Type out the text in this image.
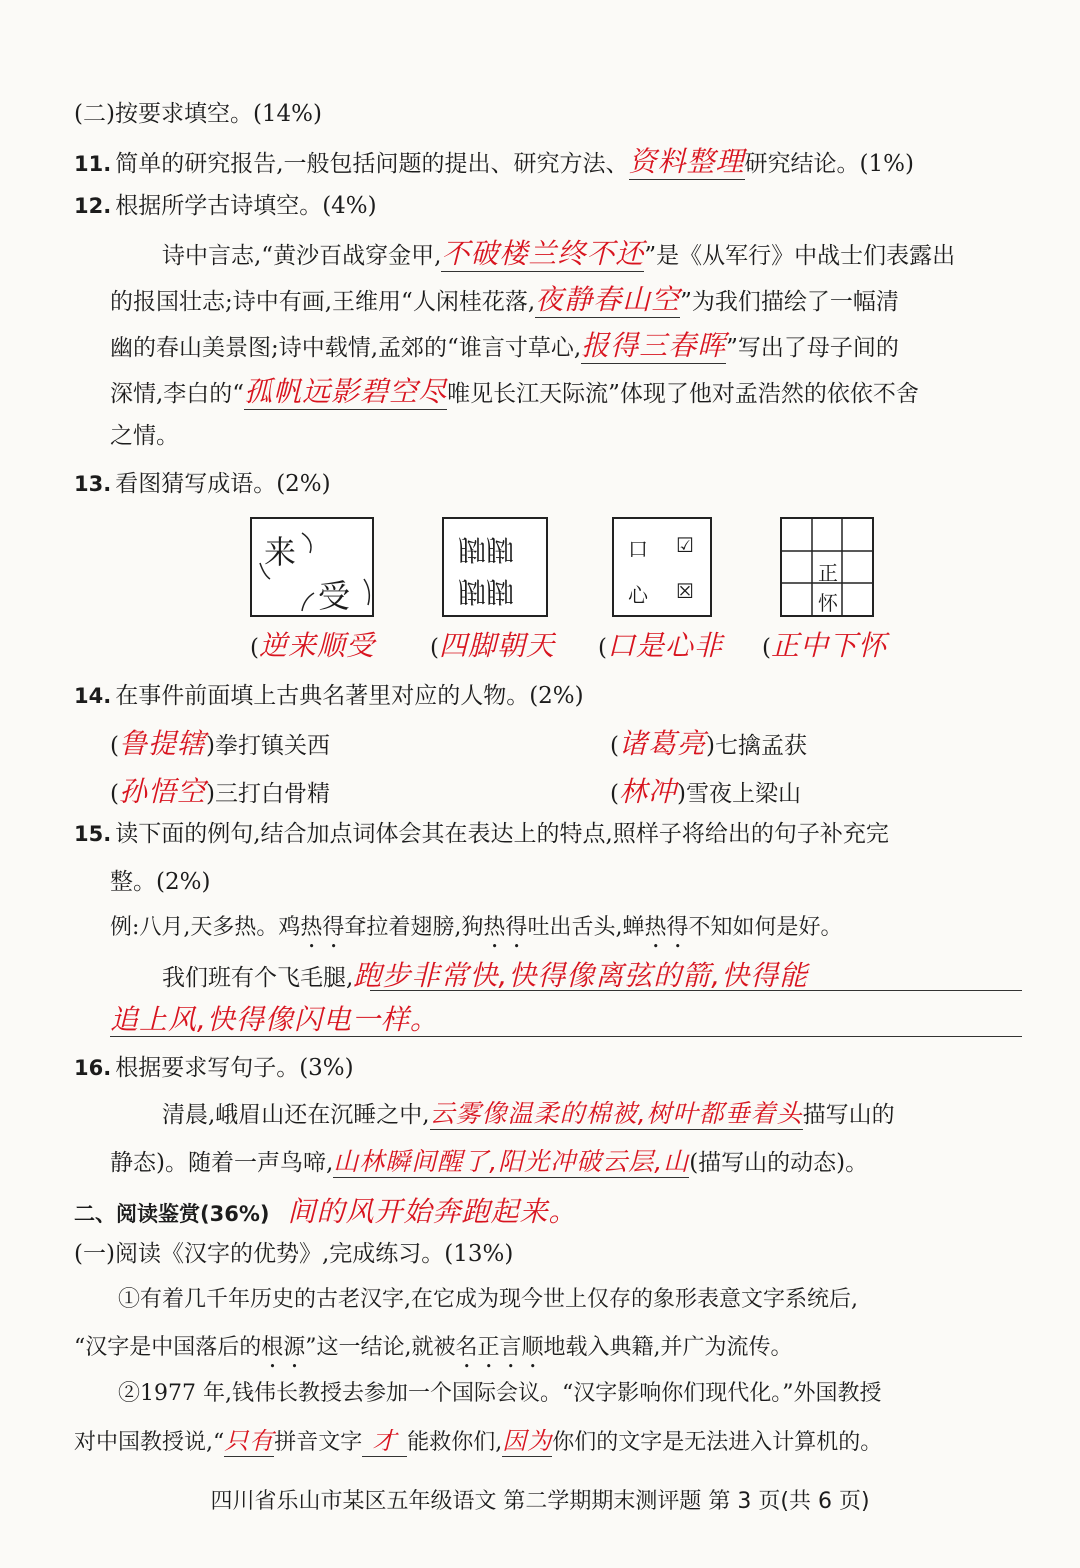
(二)按要求填空。(14%)
11. 简单的研究报告,一般包括问题的提出、研究方法、资料整理研究结论。(1%)
12. 根据所学古诗填空。(4%)
诗中言志,“黄沙百战穿金甲,不破楼兰终不还”是《从军行》中战士们表露出
的报国壮志;诗中有画,王维用“人闲桂花落,夜静春山空”为我们描绘了一幅清
幽的春山美景图;诗中载情,孟郊的“谁言寸草心,报得三春晖”写出了母子间的
深情,李白的“孤帆远影碧空尽唯见长江天际流”体现了他对孟浩然的依依不舍
之情。
13. 看图猜写成语。(2%)
来
受
脚脚
脚脚
口 ☑
心 ☒
正
怀
(逆来顺受 (四脚朝天 (口是心非 (正中下怀
14. 在事件前面填上古典名著里对应的人物。(2%)
(鲁提辖)拳打镇关西	(诸葛亮)七擒孟获
(孙悟空)三打白骨精	(林冲)雪夜上梁山
15. 读下面的例句,结合加点词体会其在表达上的特点,照样子将给出的句子补充完
整。(2%)
例:八月,天多热。鸡热得耷拉着翅膀,狗热得吐出舌头,蝉热得不知如何是好。
我们班有个飞毛腿,跑步非常快,快得像离弦的箭,快得能
追上风,快得像闪电一样。
16. 根据要求写句子。(3%)
清晨,峨眉山还在沉睡之中,云雾像温柔的棉被,树叶都垂着头描写山的
静态)。随着一声鸟啼,山林瞬间醒了,阳光冲破云层,山(描写山的动态)。
二、阅读鉴赏(36%) 间的风开始奔跑起来。
(一)阅读《汉字的优势》,完成练习。(13%)
①有着几千年历史的古老汉字,在它成为现今世上仅存的象形表意文字系统后,
“汉字是中国落后的根源”这一结论,就被名正言顺地载入典籍,并广为流传。
②1977 年,钱伟长教授去参加一个国际会议。“汉字影响你们现代化。”外国教授
对中国教授说,“只有拼音文字 才 能救你们,因为你们的文字是无法进入计算机的。
四川省乐山市某区五年级语文 第二学期期末测评题 第 3 页(共 6 页)
